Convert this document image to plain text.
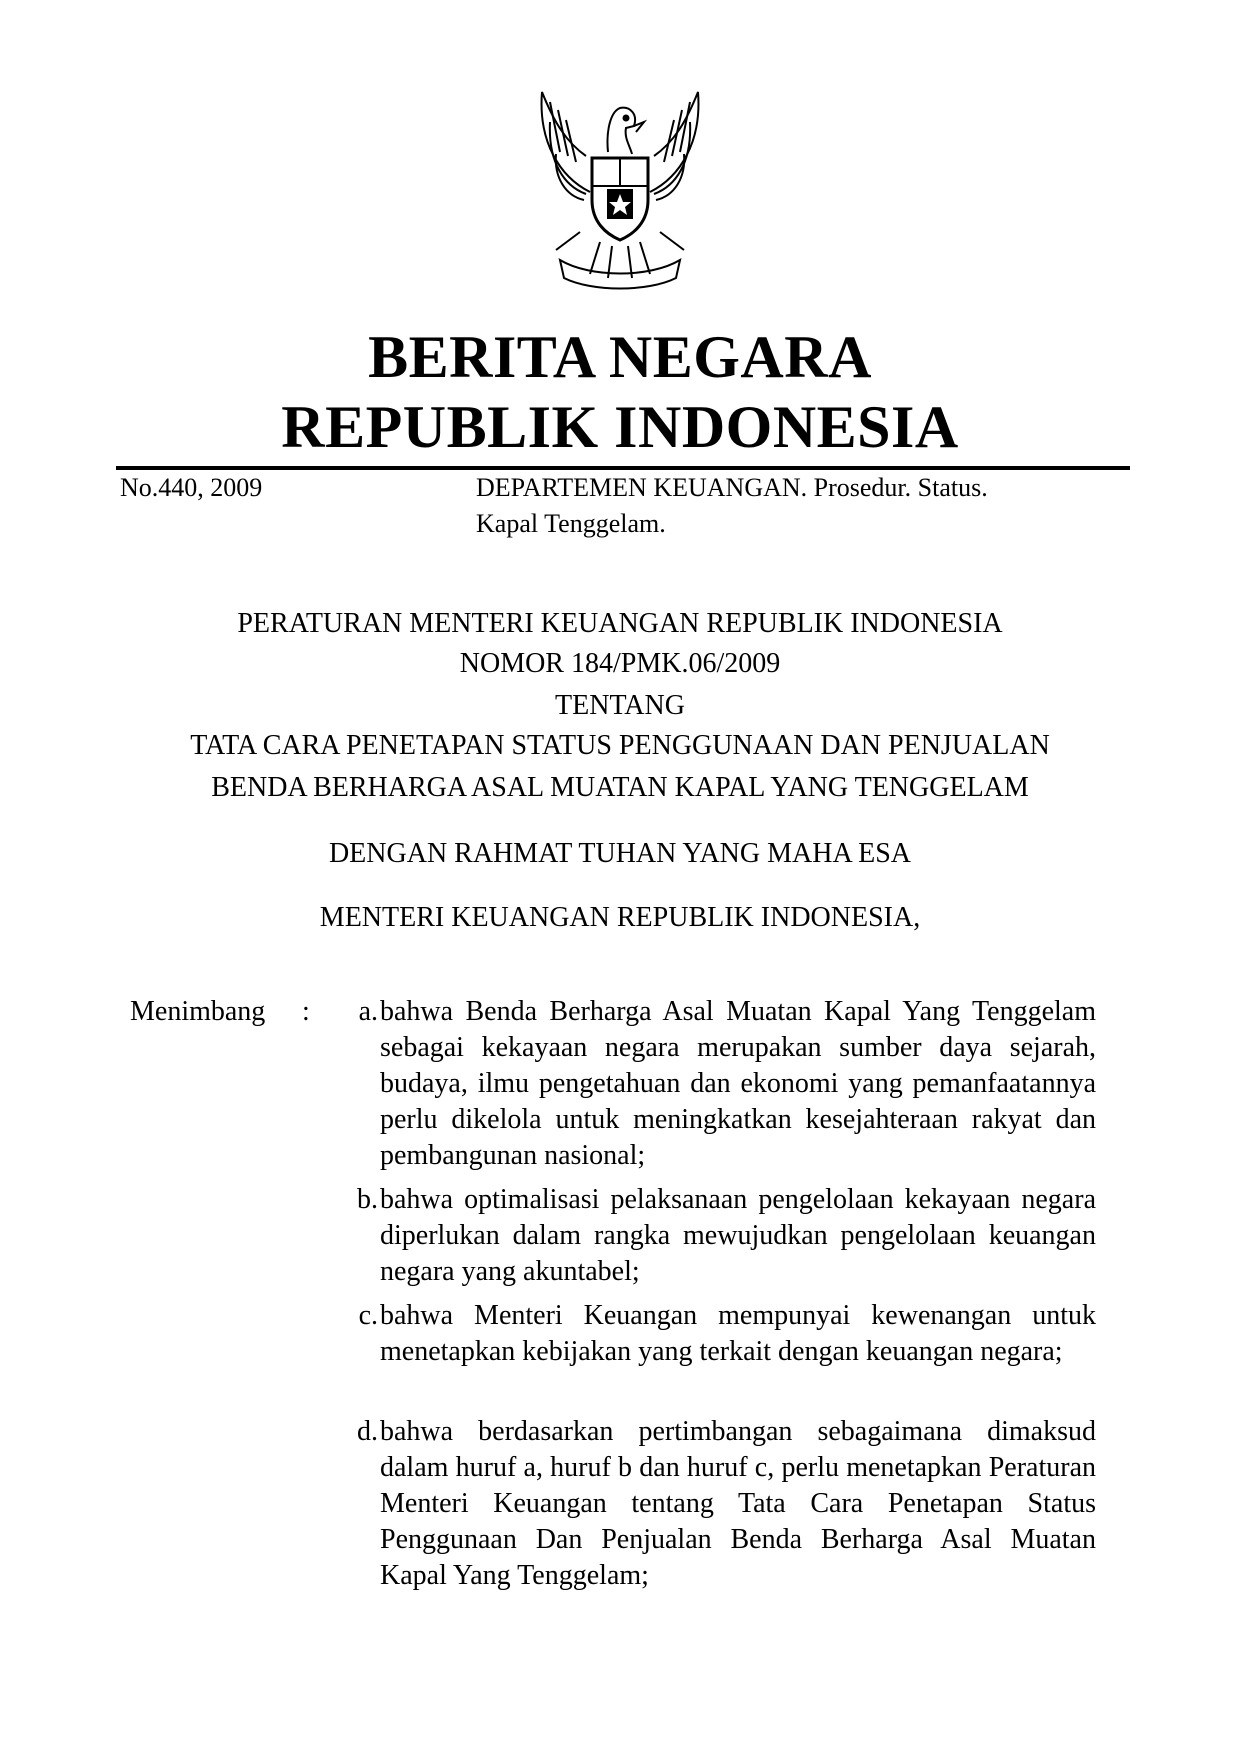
BERITA NEGARA
REPUBLIK INDONESIA
No.440, 2009	DEPARTEMEN KEUANGAN. Prosedur. Status.
Kapal Tenggelam.
PERATURAN MENTERI KEUANGAN REPUBLIK INDONESIA
NOMOR 184/PMK.06/2009
TENTANG
TATA CARA PENETAPAN STATUS PENGGUNAAN DAN PENJUALAN
BENDA BERHARGA ASAL MUATAN KAPAL YANG TENGGELAM
DENGAN RAHMAT TUHAN YANG MAHA ESA
MENTERI KEUANGAN REPUBLIK INDONESIA,
Menimbang :	a. bahwa Benda Berharga Asal Muatan Kapal Yang Tenggelam sebagai kekayaan negara merupakan sumber daya sejarah, budaya, ilmu pengetahuan dan ekonomi yang pemanfaatannya perlu dikelola untuk meningkatkan kesejahteraan rakyat dan pembangunan nasional;
b. bahwa optimalisasi pelaksanaan pengelolaan kekayaan negara diperlukan dalam rangka mewujudkan pengelolaan keuangan negara yang akuntabel;
c. bahwa Menteri Keuangan mempunyai kewenangan untuk menetapkan kebijakan yang terkait dengan keuangan negara;
d. bahwa berdasarkan pertimbangan sebagaimana dimaksud dalam huruf a, huruf b dan huruf c, perlu menetapkan Peraturan Menteri Keuangan tentang Tata Cara Penetapan Status Penggunaan Dan Penjualan Benda Berharga Asal Muatan Kapal Yang Tenggelam;
